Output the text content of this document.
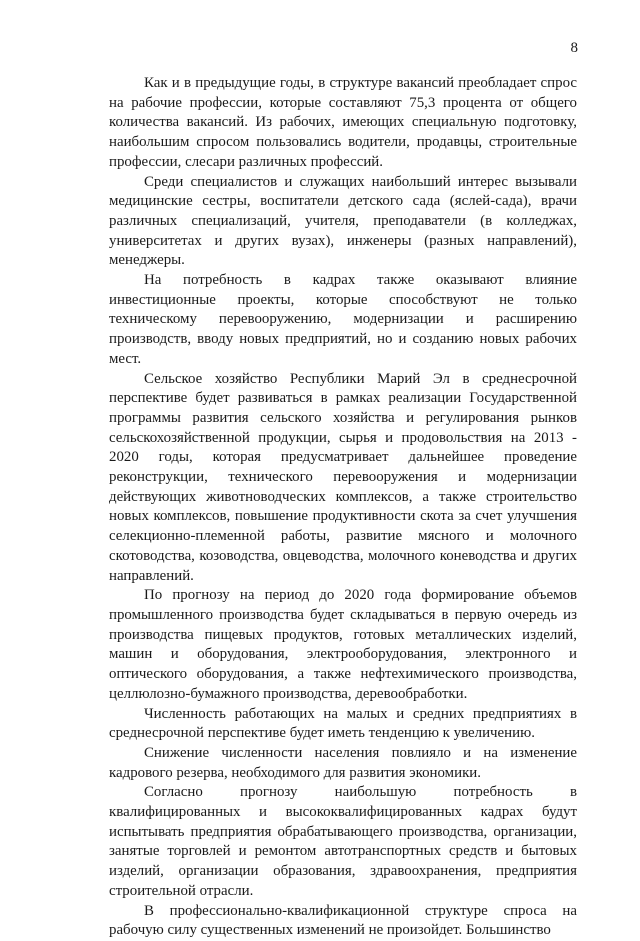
8

Как и в предыдущие годы, в структуре вакансий преобладает спрос на рабочие профессии, которые составляют 75,3 процента от общего количества вакансий. Из рабочих, имеющих специальную подготовку, наибольшим спросом пользовались водители, продавцы, строительные профессии, слесари различных профессий.

Среди специалистов и служащих наибольший интерес вызывали медицинские сестры, воспитатели детского сада (яслей-сада), врачи различных специализаций, учителя, преподаватели (в колледжах, университетах и других вузах), инженеры (разных направлений), менеджеры.

На потребность в кадрах также оказывают влияние инвестиционные проекты, которые способствуют не только техническому перевооружению, модернизации и расширению производств, вводу новых предприятий, но и созданию новых рабочих мест.

Сельское хозяйство Республики Марий Эл в среднесрочной перспективе будет развиваться в рамках реализации Государственной программы развития сельского хозяйства и регулирования рынков сельскохозяйственной продукции, сырья и продовольствия на 2013 - 2020 годы, которая предусматривает дальнейшее проведение реконструкции, технического перевооружения и модернизации действующих животноводческих комплексов, а также строительство новых комплексов, повышение продуктивности скота за счет улучшения селекционно-племенной работы, развитие мясного и молочного скотоводства, козоводства, овцеводства, молочного коневодства и других направлений.

По прогнозу на период до 2020 года формирование объемов промышленного производства будет складываться в первую очередь из производства пищевых продуктов, готовых металлических изделий, машин и оборудования, электрооборудования, электронного и оптического оборудования, а также нефтехимического производства, целлюлозно-бумажного производства, деревообработки.

Численность работающих на малых и средних предприятиях в среднесрочной перспективе будет иметь тенденцию к увеличению.

Снижение численности населения повлияло и на изменение кадрового резерва, необходимого для развития экономики.

Согласно прогнозу наибольшую потребность в квалифицированных и высококвалифицированных кадрах будут испытывать предприятия обрабатывающего производства, организации, занятые торговлей и ремонтом автотранспортных средств и бытовых изделий, организации образования, здравоохранения, предприятия строительной отрасли.

В профессионально-квалификационной структуре спроса на рабочую силу существенных изменений не произойдет. Большинство
